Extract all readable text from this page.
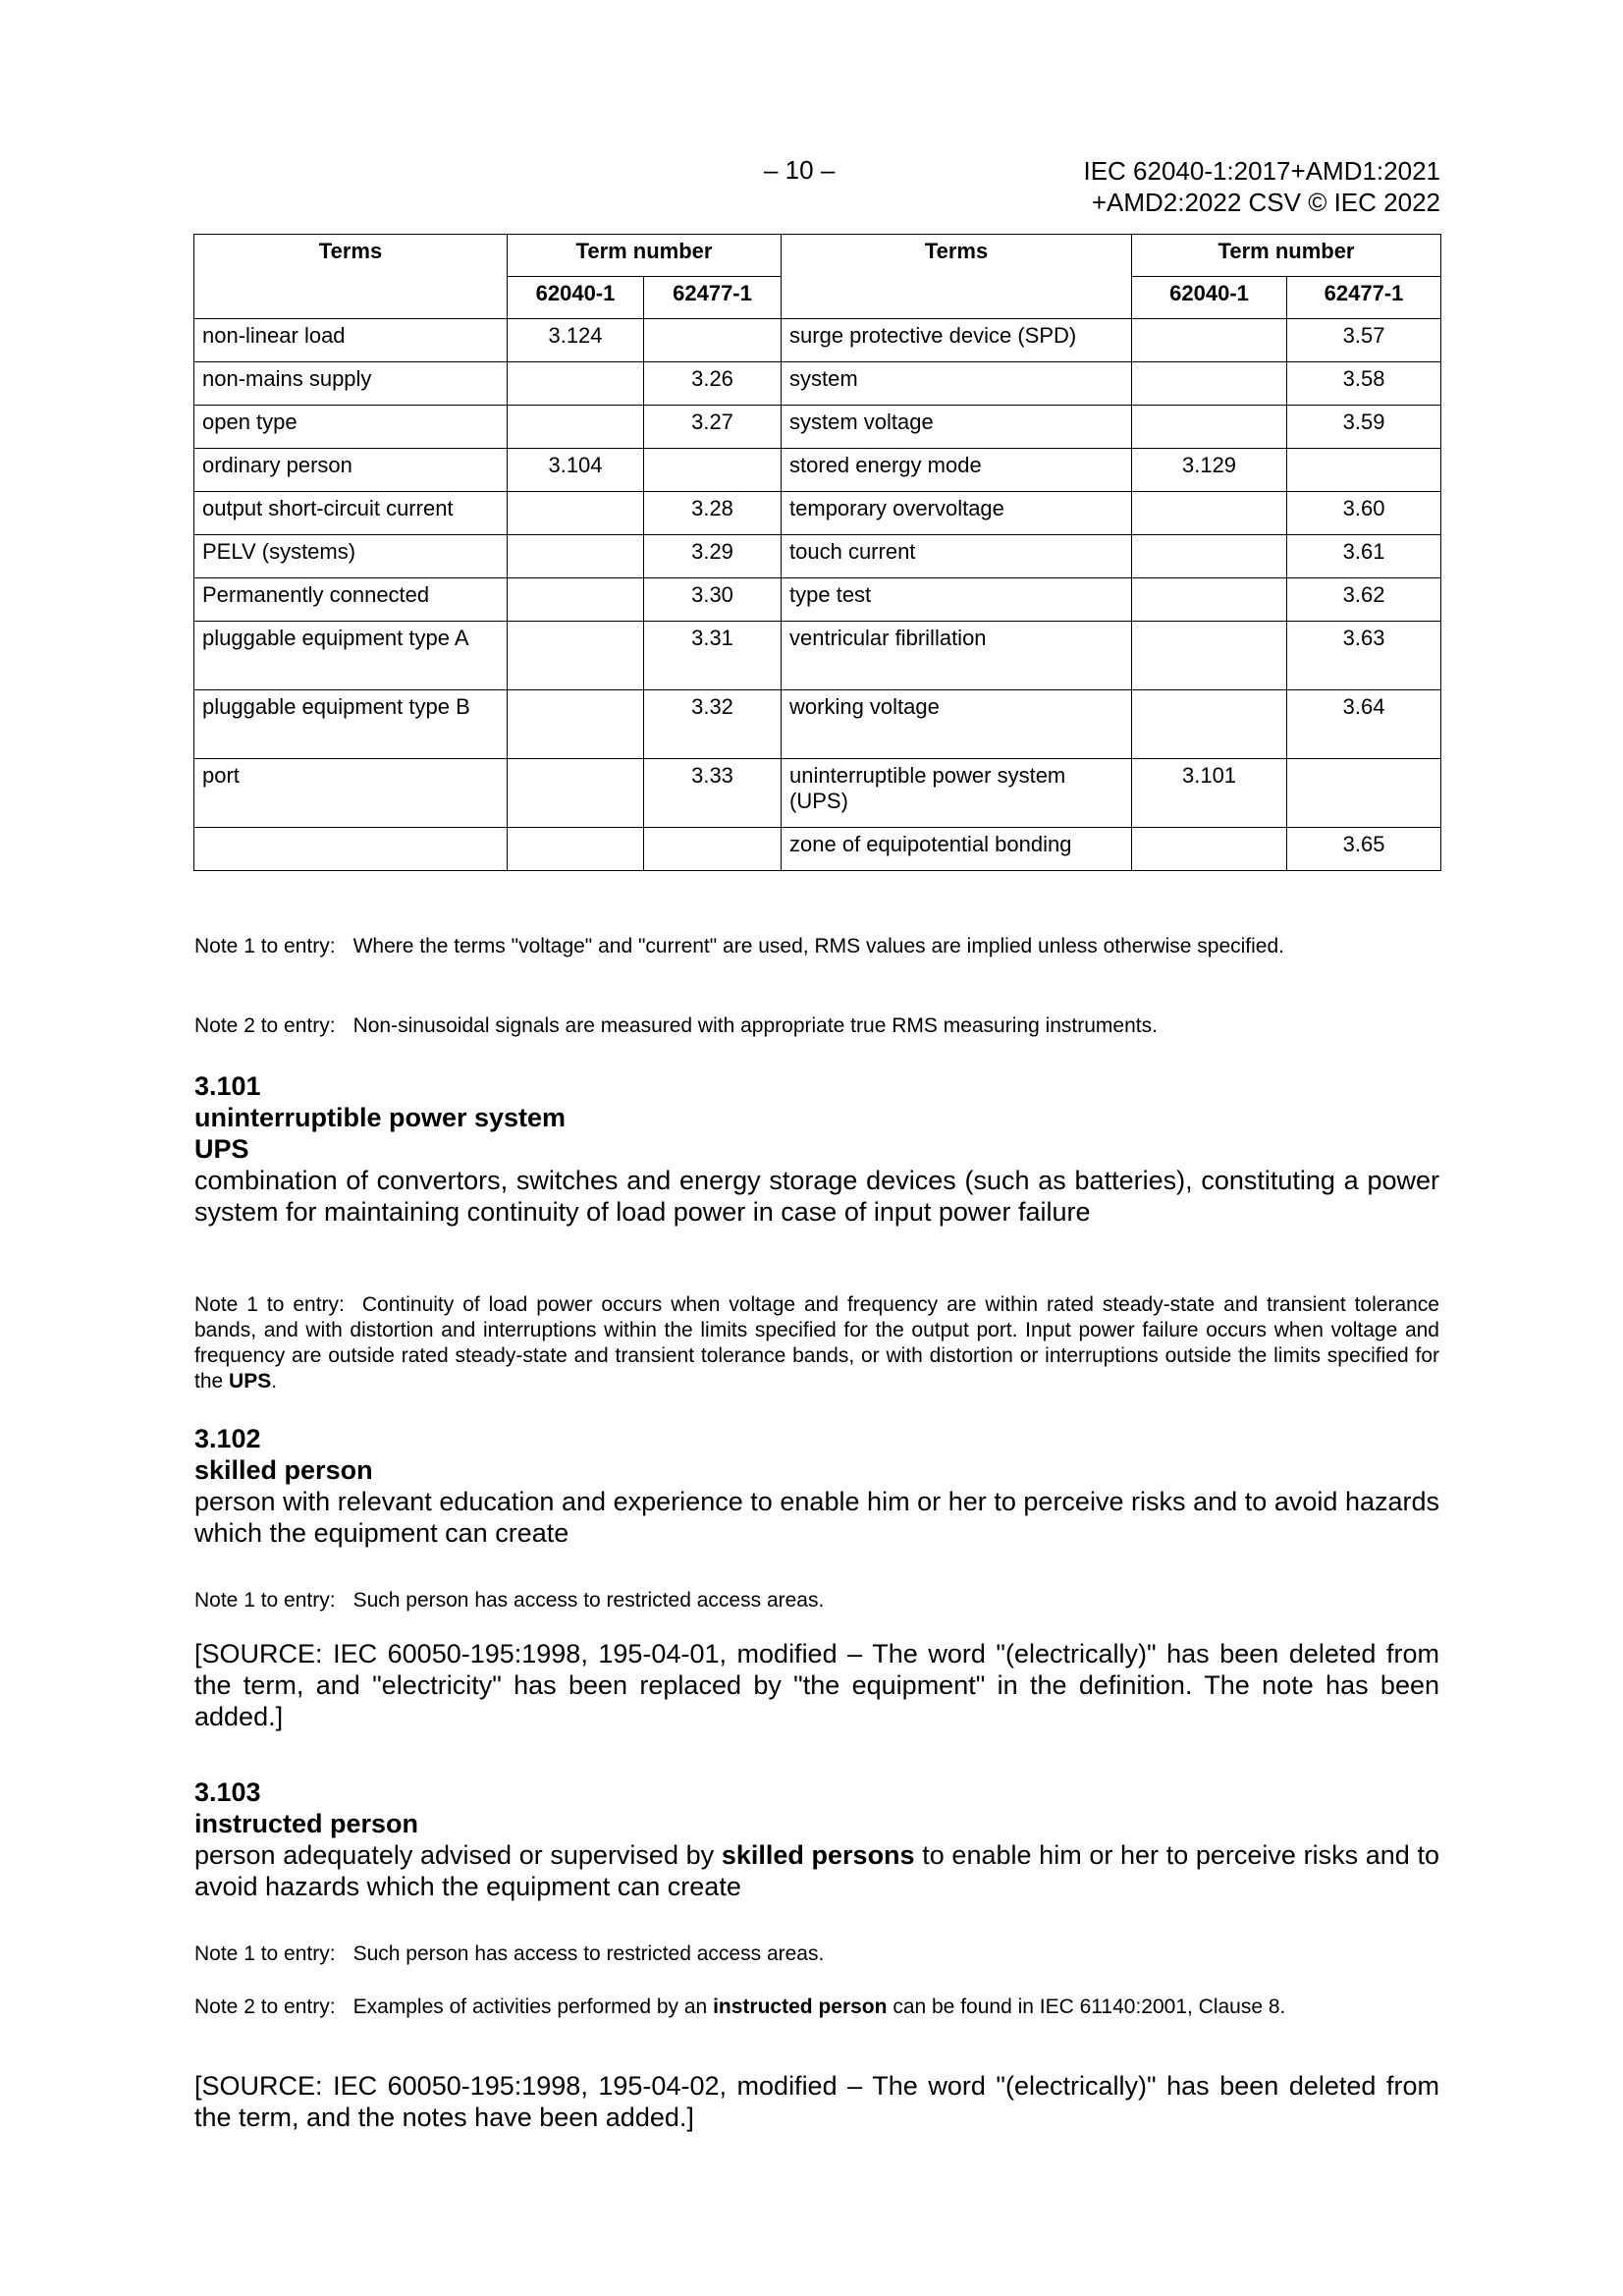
– 10 –	IEC 62040-1:2017+AMD1:2021
+AMD2:2022 CSV © IEC 2022
Terms	Term number		Terms	Term number	
	62040-1	62477-1		62040-1	62477-1
non-linear load	3.124		surge protective device (SPD)		3.57
non-mains supply		3.26	system		3.58
open type		3.27	system voltage		3.59
ordinary person	3.104		stored energy mode	3.129	
output short-circuit current		3.28	temporary overvoltage		3.60
PELV (systems)		3.29	touch current		3.61
Permanently connected		3.30	type test		3.62
pluggable equipment type A		3.31	ventricular fibrillation		3.63
pluggable equipment type B		3.32	working voltage		3.64
port		3.33	uninterruptible power system (UPS)	3.101	
			zone of equipotential bonding		3.65
Note 1 to entry: Where the terms "voltage" and "current" are used, RMS values are implied unless otherwise specified.
Note 2 to entry: Non-sinusoidal signals are measured with appropriate true RMS measuring instruments.
3.101
uninterruptible power system
UPS
combination of convertors, switches and energy storage devices (such as batteries), constituting a power system for maintaining continuity of load power in case of input power failure
Note 1 to entry: Continuity of load power occurs when voltage and frequency are within rated steady-state and transient tolerance bands, and with distortion and interruptions within the limits specified for the output port. Input power failure occurs when voltage and frequency are outside rated steady-state and transient tolerance bands, or with distortion or interruptions outside the limits specified for the UPS.
3.102
skilled person
person with relevant education and experience to enable him or her to perceive risks and to avoid hazards which the equipment can create
Note 1 to entry: Such person has access to restricted access areas.
[SOURCE: IEC 60050-195:1998, 195-04-01, modified – The word "(electrically)" has been deleted from the term, and "electricity" has been replaced by "the equipment" in the definition. The note has been added.]
3.103
instructed person
person adequately advised or supervised by skilled persons to enable him or her to perceive risks and to avoid hazards which the equipment can create
Note 1 to entry: Such person has access to restricted access areas.
Note 2 to entry: Examples of activities performed by an instructed person can be found in IEC 61140:2001, Clause 8.
[SOURCE: IEC 60050-195:1998, 195-04-02, modified – The word "(electrically)" has been deleted from the term, and the notes have been added.]
